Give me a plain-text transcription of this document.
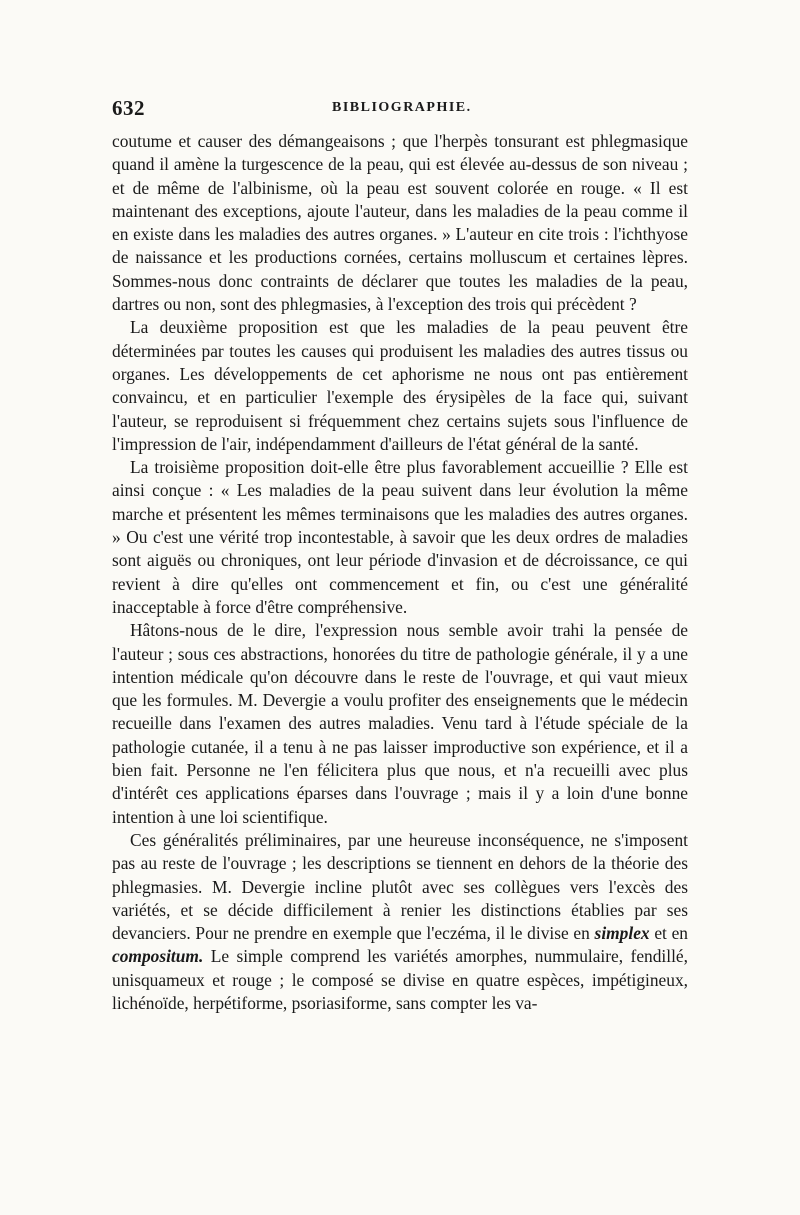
632	BIBLIOGRAPHIE.

coutume et causer des démangeaisons ; que l'herpès tonsurant est phlegmasique quand il amène la turgescence de la peau, qui est élevée au-dessus de son niveau ; et de même de l'albinisme, où la peau est souvent colorée en rouge. « Il est maintenant des exceptions, ajoute l'auteur, dans les maladies de la peau comme il en existe dans les maladies des autres organes. » L'auteur en cite trois : l'ichthyose de naissance et les productions cornées, certains molluscum et certaines lèpres. Sommes-nous donc contraints de déclarer que toutes les maladies de la peau, dartres ou non, sont des phlegmasies, à l'exception des trois qui précèdent ?

La deuxième proposition est que les maladies de la peau peuvent être déterminées par toutes les causes qui produisent les maladies des autres tissus ou organes. Les développements de cet aphorisme ne nous ont pas entièrement convaincu, et en particulier l'exemple des érysipèles de la face qui, suivant l'auteur, se reproduisent si fréquemment chez certains sujets sous l'influence de l'impression de l'air, indépendamment d'ailleurs de l'état général de la santé.

La troisième proposition doit-elle être plus favorablement accueillie ? Elle est ainsi conçue : « Les maladies de la peau suivent dans leur évolution la même marche et présentent les mêmes terminaisons que les maladies des autres organes. » Ou c'est une vérité trop incontestable, à savoir que les deux ordres de maladies sont aiguës ou chroniques, ont leur période d'invasion et de décroissance, ce qui revient à dire qu'elles ont commencement et fin, ou c'est une généralité inacceptable à force d'être compréhensive.

Hâtons-nous de le dire, l'expression nous semble avoir trahi la pensée de l'auteur ; sous ces abstractions, honorées du titre de pathologie générale, il y a une intention médicale qu'on découvre dans le reste de l'ouvrage, et qui vaut mieux que les formules. M. Devergie a voulu profiter des enseignements que le médecin recueille dans l'examen des autres maladies. Venu tard à l'étude spéciale de la pathologie cutanée, il a tenu à ne pas laisser improductive son expérience, et il a bien fait. Personne ne l'en félicitera plus que nous, et n'a recueilli avec plus d'intérêt ces applications éparses dans l'ouvrage ; mais il y a loin d'une bonne intention à une loi scientifique.

Ces généralités préliminaires, par une heureuse inconséquence, ne s'imposent pas au reste de l'ouvrage ; les descriptions se tiennent en dehors de la théorie des phlegmasies. M. Devergie incline plutôt avec ses collègues vers l'excès des variétés, et se décide difficilement à renier les distinctions établies par ses devanciers. Pour ne prendre en exemple que l'eczéma, il le divise en simplex et en compositum. Le simple comprend les variétés amorphes, nummulaire, fendillé, unisquameux et rouge ; le composé se divise en quatre espèces, impétigineux, lichénoïde, herpétiforme, psoriasiforme, sans compter les va-
